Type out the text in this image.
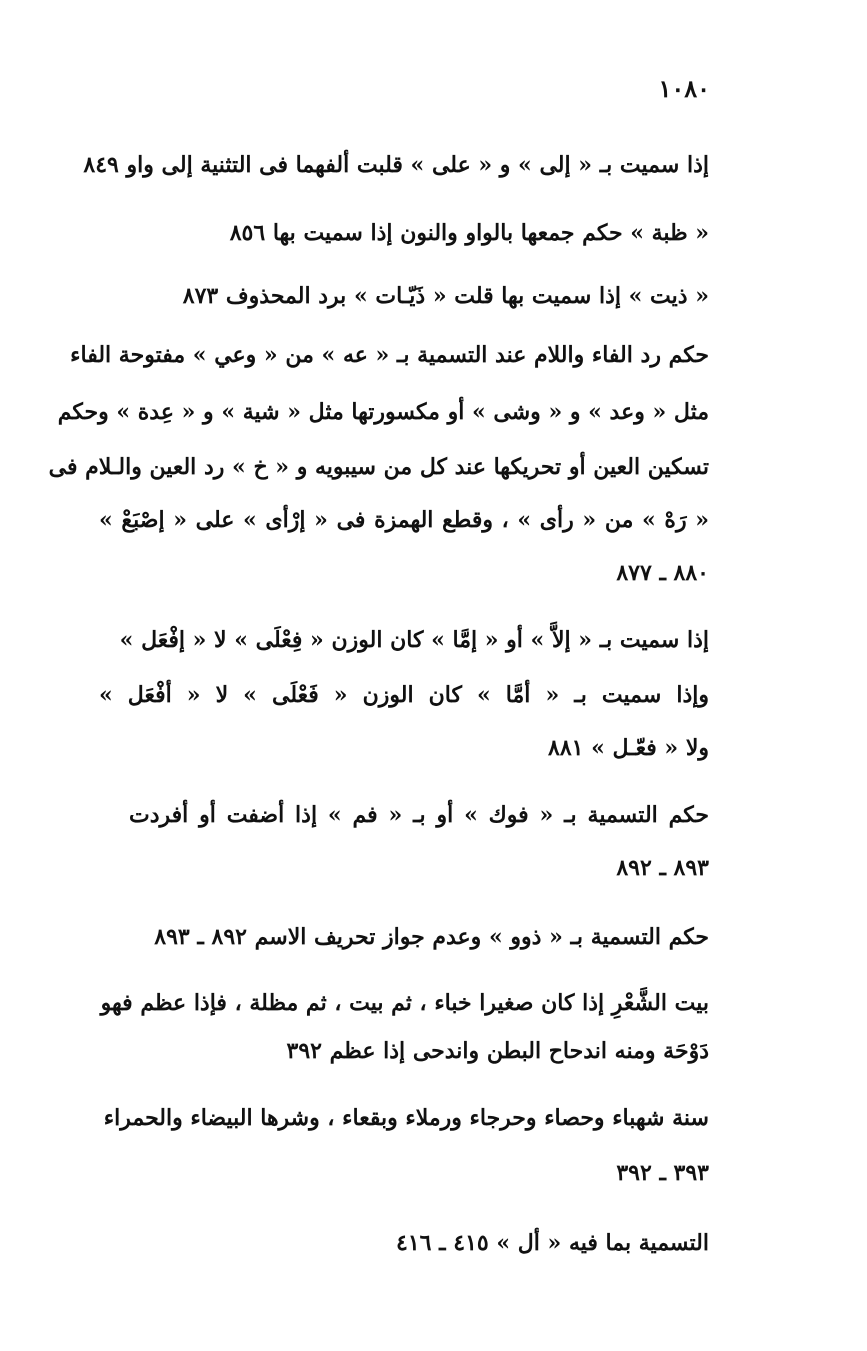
١٠٨٠
إذا سميت بـ « إلى » و « على » قلبت ألفهما فى التثنية إلى واو ٨٤٩
« ظبة » حكم جمعها بالواو والنون إذا سميت بها ٨٥٦
« ذيت » إذا سميت بها قلت « ذَيّـات » برد المحذوف ٨٧٣
حكم رد الفاء واللام عند التسمية بـ « عه » من « وعي » مفتوحة الفاء
مثل « وعد » و « وشى » أو مكسورتها مثل « شية » و « عِدة » وحكم
تسكين العين أو تحريكها عند كل من سيبويه و « خ » رد العين والـلام فى
« رَهْ » من « رأى » ، وقطع الهمزة فى « إرْأى » على « إصْبَعْ »
٨٨٠ ـ ٨٧٧
إذا سميت بـ « إلاَّ » أو « إمَّا » كان الوزن « فِعْلَى » لا « إفْعَل »
وإذا سميت بـ « أمَّا » كان الوزن « فَعْلَى » لا « أفْعَل »
ولا « فعّـل » ٨٨١
حكم التسمية بـ « فوك » أو بـ « فم » إذا أضفت أو أفردت
٨٩٣ ـ ٨٩٢
حكم التسمية بـ « ذوو » وعدم جواز تحريف الاسم ٨٩٢ ـ ٨٩٣
بيت الشَّعْرِ إذا كان صغيرا خباء ، ثم بيت ، ثم مظلة ، فإذا عظم فهو
دَوْحَة ومنه اندحاح البطن واندحى إذا عظم ٣٩٢
سنة شهباء وحصاء وحرجاء ورملاء وبقعاء ، وشرها البيضاء والحمراء
٣٩٣ ـ ٣٩٢
التسمية بما فيه « أل » ٤١٥ ـ ٤١٦
